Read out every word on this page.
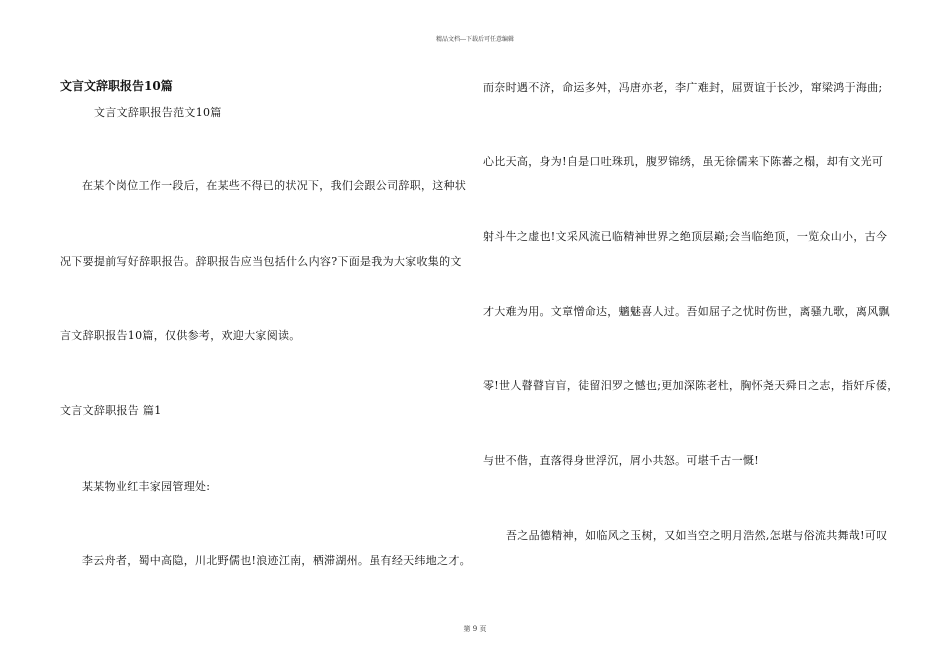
精品文档---下载后可任意编辑
文言文辞职报告10篇
文言文辞职报告范文10篇
在某个岗位工作一段后，在某些不得已的状况下，我们会跟公司辞职，这种状
况下要提前写好辞职报告。辞职报告应当包括什么内容?下面是我为大家收集的文
言文辞职报告10篇，仅供参考，欢迎大家阅读。
文言文辞职报告 篇1
某某物业红丰家园管理处:
李云舟者，蜀中高隐，川北野儒也!浪迹江南，栖滞湖州。虽有经天纬地之才。
而奈时遇不济，命运多舛，冯唐亦老，李广难封，屈贾谊于长沙，窜梁鸿于海曲;
心比天高，身为!自是口吐珠玑，腹罗锦绣，虽无徐儒来下陈蕃之榻，却有文光可
射斗牛之虚也!文采风流已临精神世界之绝顶层巅;会当临绝顶，一览众山小，古今
才大难为用。文章憎命达，魑魅喜人过。吾如屈子之忧时伤世，离骚九歌，离风飘
零!世人瞽瞽盲盲，徒留汨罗之憾也;更加深陈老杜，胸怀尧天舜日之志，指奸斥倭，
与世不偕，直落得身世浮沉，屑小共怒。可堪千古一慨!
吾之品德精神，如临风之玉树，又如当空之明月浩然,怎堪与俗流共舞哉!可叹
第 9 页
